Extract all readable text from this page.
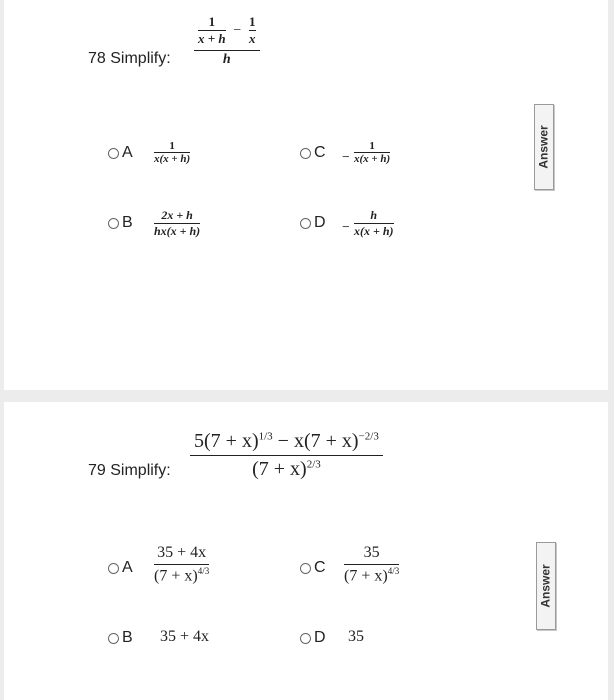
78 Simplify:
$\frac{1}{x + h} - \frac{1}{x}$
h
A $\frac{1}{x(x + h)}$	$C - \frac{1}{x(x + h)}$
B $\frac{2x + h}{hx(x + h)}$	$D - \frac{h}{x(x + h)}$
Answer
79 Simplify: $\frac{5(7 + x)^{1/3} - x(7 + x)^{-2/3}}{(7 + x)^{2/3}}$
A $\frac{35 + 4x}{(7 + x)^{4/3}}$	C $\frac{35}{(7 + x)^{4/3}}$
B 35 + 4x	D 35
Answer
